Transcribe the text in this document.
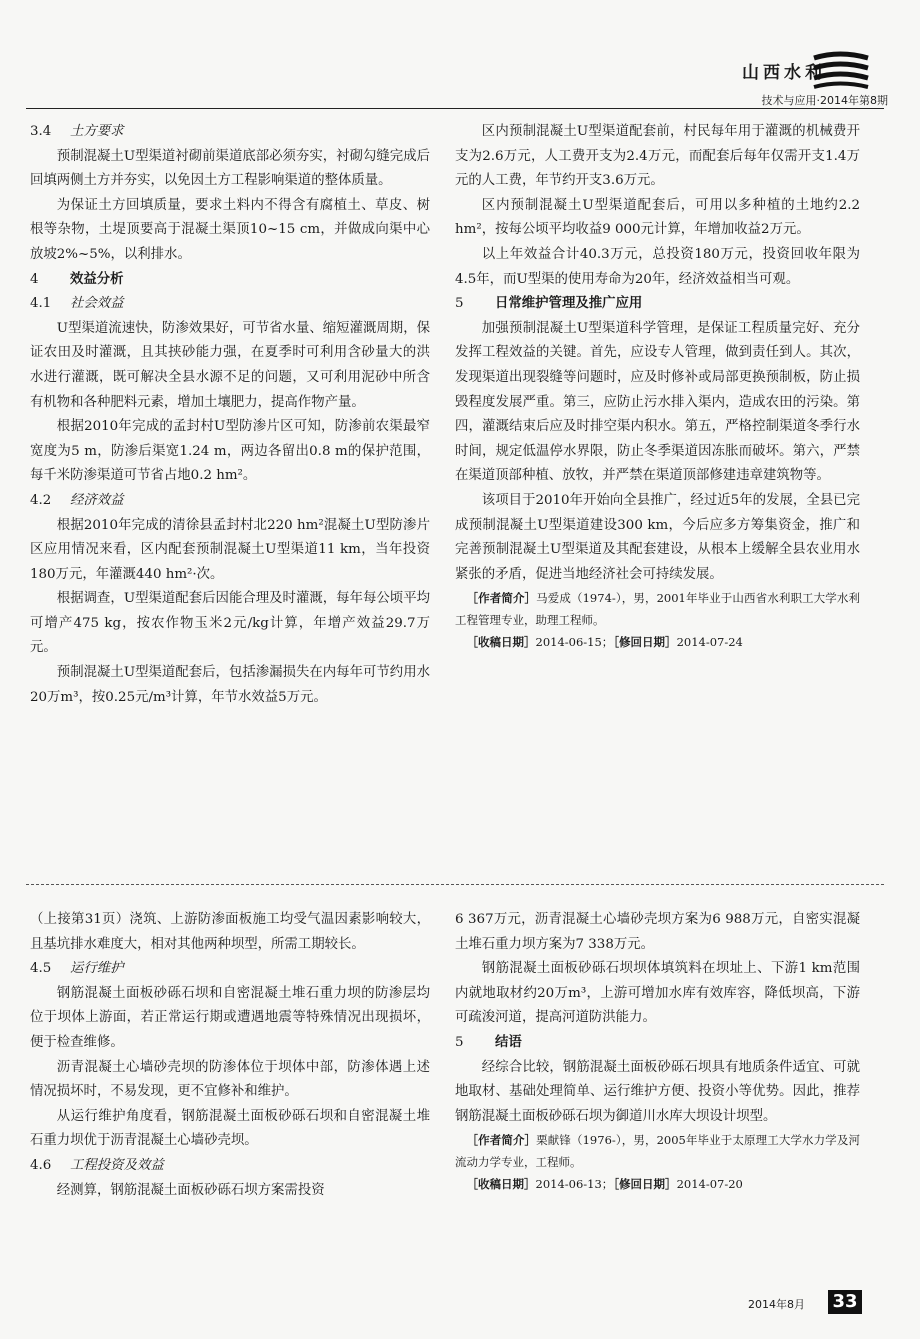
山西水利
技术与应用·2014年第8期
3.4 土方要求

预制混凝土U型渠道衬砌前渠道底部必须夯实，衬砌勾缝完成后回填两侧土方并夯实，以免因土方工程影响渠道的整体质量。

为保证土方回填质量，要求土料内不得含有腐植土、草皮、树根等杂物，土堤顶要高于混凝土渠顶10~15 cm，并做成向渠中心放坡2%~5%，以利排水。

4 效益分析
4.1 社会效益

U型渠道流速快，防渗效果好，可节省水量、缩短灌溉周期，保证农田及时灌溉，且其挟砂能力强，在夏季时可利用含砂量大的洪水进行灌溉，既可解决全县水源不足的问题，又可利用泥砂中所含有机物和各种肥料元素，增加土壤肥力，提高作物产量。

根据2010年完成的孟封村U型防渗片区可知，防渗前农渠最窄宽度为5 m，防渗后渠宽1.24 m，两边各留出0.8 m的保护范围，每千米防渗渠道可节省占地0.2 hm²。

4.2 经济效益

根据2010年完成的清徐县孟封村北220 hm²混凝土U型防渗片区应用情况来看，区内配套预制混凝土U型渠道11 km，当年投资180万元，年灌溉440 hm²·次。

根据调查，U型渠道配套后因能合理及时灌溉，每年每公顷平均可增产475 kg，按农作物玉米2元/kg计算，年增产效益29.7万元。

预制混凝土U型渠道配套后，包括渗漏损失在内每年可节约用水20万m³，按0.25元/m³计算，年节水效益5万元。

区内预制混凝土U型渠道配套前，村民每年用于灌溉的机械费开支为2.6万元，人工费开支为2.4万元，而配套后每年仅需开支1.4万元的人工费，年节约开支3.6万元。

区内预制混凝土U型渠道配套后，可用以多种植的土地约2.2 hm²，按每公顷平均收益9 000元计算，年增加收益2万元。

以上年效益合计40.3万元，总投资180万元，投资回收年限为4.5年，而U型渠的使用寿命为20年，经济效益相当可观。

5 日常维护管理及推广应用

加强预制混凝土U型渠道科学管理，是保证工程质量完好、充分发挥工程效益的关键。首先，应设专人管理，做到责任到人。其次，发现渠道出现裂缝等问题时，应及时修补或局部更换预制板，防止损毁程度发展严重。第三，应防止污水排入渠内，造成农田的污染。第四，灌溉结束后应及时排空渠内积水。第五，严格控制渠道冬季行水时间，规定低温停水界限，防止冬季渠道因冻胀而破坏。第六，严禁在渠道顶部种植、放牧，并严禁在渠道顶部修建违章建筑物等。

该项目于2010年开始向全县推广，经过近5年的发展，全县已完成预制混凝土U型渠道建设300 km，今后应多方筹集资金，推广和完善预制混凝土U型渠道及其配套建设，从根本上缓解全县农业用水紧张的矛盾，促进当地经济社会可持续发展。

［作者简介］马爱成（1974-），男，2001年毕业于山西省水利职工大学水利工程管理专业，助理工程师。

［收稿日期］2014-06-15；［修回日期］2014-07-24

（上接第31页）浇筑、上游防渗面板施工均受气温因素影响较大，且基坑排水难度大，相对其他两种坝型，所需工期较长。

4.5 运行维护

钢筋混凝土面板砂砾石坝和自密混凝土堆石重力坝的防渗层均位于坝体上游面，若正常运行期或遭遇地震等特殊情况出现损坏，便于检查维修。

沥青混凝土心墙砂壳坝的防渗体位于坝体中部，防渗体遇上述情况损坏时，不易发现，更不宜修补和维护。

从运行维护角度看，钢筋混凝土面板砂砾石坝和自密混凝土堆石重力坝优于沥青混凝土心墙砂壳坝。

4.6 工程投资及效益

经测算，钢筋混凝土面板砂砾石坝方案需投资

6 367万元，沥青混凝土心墙砂壳坝方案为6 988万元，自密实混凝土堆石重力坝方案为7 338万元。

钢筋混凝土面板砂砾石坝坝体填筑料在坝址上、下游1 km范围内就地取材约20万m³，上游可增加水库有效库容，降低坝高，下游可疏浚河道，提高河道防洪能力。

5 结语

经综合比较，钢筋混凝土面板砂砾石坝具有地质条件适宜、可就地取材、基础处理简单、运行维护方便、投资小等优势。因此，推荐钢筋混凝土面板砂砾石坝为御道川水库大坝设计坝型。

［作者简介］栗献锋（1976-），男，2005年毕业于太原理工大学水力学及河流动力学专业，工程师。

［收稿日期］2014-06-13；［修回日期］2014-07-20

2014年8月 33
